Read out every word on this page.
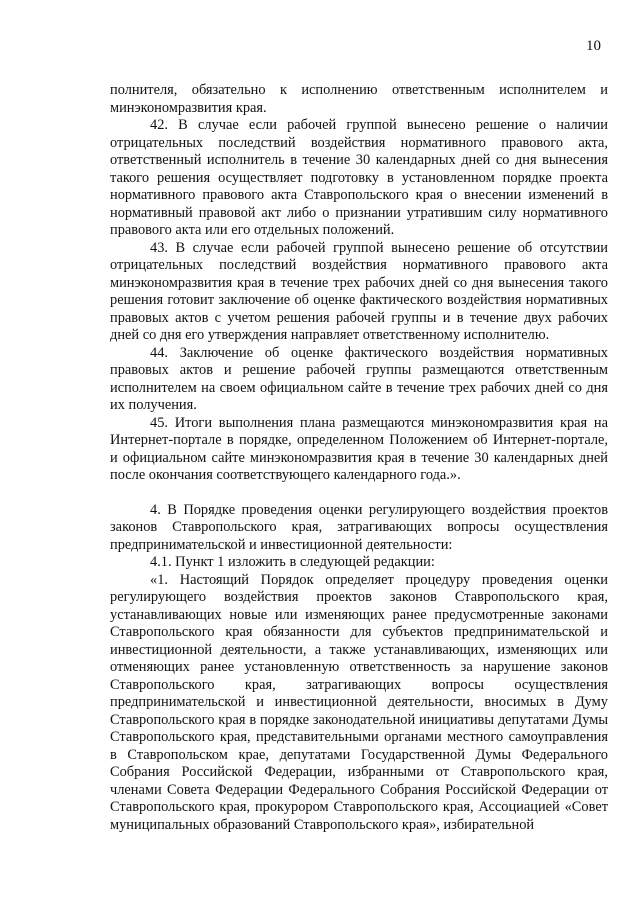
10

полнителя, обязательно к исполнению ответственным исполнителем и минэкономразвития края.

42. В случае если рабочей группой вынесено решение о наличии отрицательных последствий воздействия нормативного правового акта, ответственный исполнитель в течение 30 календарных дней со дня вынесения такого решения осуществляет подготовку в установленном порядке проекта нормативного правового акта Ставропольского края о внесении изменений в нормативный правовой акт либо о признании утратившим силу нормативного правового акта или его отдельных положений.

43. В случае если рабочей группой вынесено решение об отсутствии отрицательных последствий воздействия нормативного правового акта минэкономразвития края в течение трех рабочих дней со дня вынесения такого решения готовит заключение об оценке фактического воздействия нормативных правовых актов с учетом решения рабочей группы и в течение двух рабочих дней со дня его утверждения направляет ответственному исполнителю.

44. Заключение об оценке фактического воздействия нормативных правовых актов и решение рабочей группы размещаются ответственным исполнителем на своем официальном сайте в течение трех рабочих дней со дня их получения.

45. Итоги выполнения плана размещаются минэкономразвития края на Интернет-портале в порядке, определенном Положением об Интернет-портале, и официальном сайте минэкономразвития края в течение 30 календарных дней после окончания соответствующего календарного года.».

4. В Порядке проведения оценки регулирующего воздействия проектов законов Ставропольского края, затрагивающих вопросы осуществления предпринимательской и инвестиционной деятельности:

4.1. Пункт 1 изложить в следующей редакции:

«1. Настоящий Порядок определяет процедуру проведения оценки регулирующего воздействия проектов законов Ставропольского края, устанавливающих новые или изменяющих ранее предусмотренные законами Ставропольского края обязанности для субъектов предпринимательской и инвестиционной деятельности, а также устанавливающих, изменяющих или отменяющих ранее установленную ответственность за нарушение законов Ставропольского края, затрагивающих вопросы осуществления предпринимательской и инвестиционной деятельности, вносимых в Думу Ставропольского края в порядке законодательной инициативы депутатами Думы Ставропольского края, представительными органами местного самоуправления в Ставропольском крае, депутатами Государственной Думы Федерального Собрания Российской Федерации, избранными от Ставропольского края, членами Совета Федерации Федерального Собрания Российской Федерации от Ставропольского края, прокурором Ставропольского края, Ассоциацией «Совет муниципальных образований Ставропольского края», избирательной
